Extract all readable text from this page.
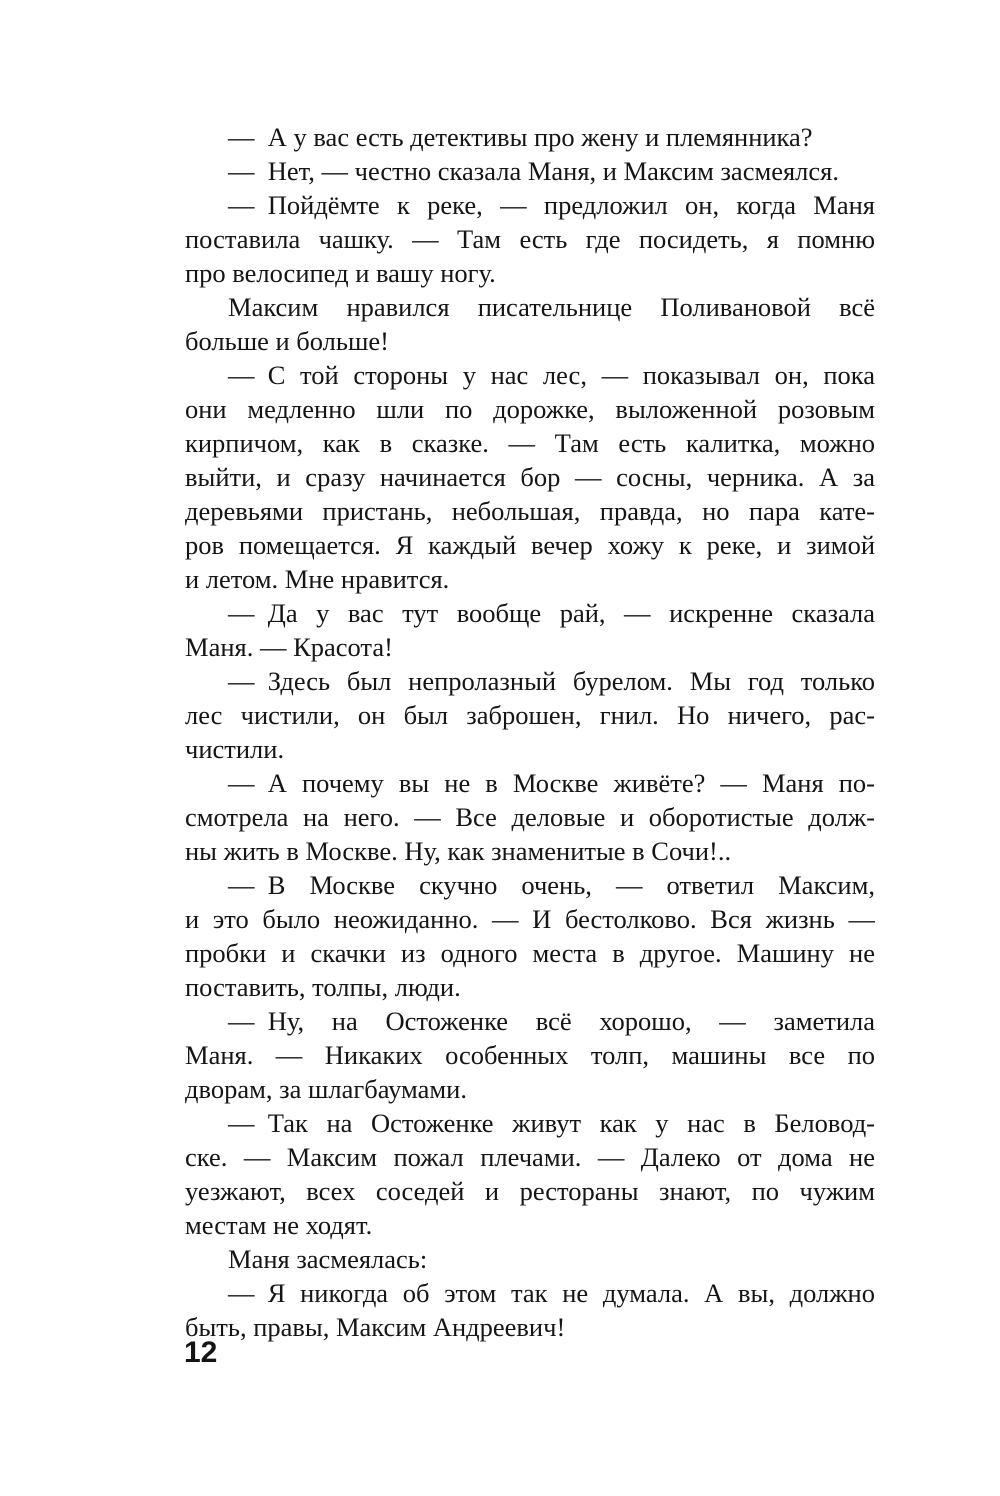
— А у вас есть детективы про жену и племянника?
— Нет, — честно сказала Маня, и Максим засмеялся.
— Пойдёмте к реке, — предложил он, когда Маня
поставила чашку. — Там есть где посидеть, я помню
про велосипед и вашу ногу.
Максим нравился писательнице Поливановой всё
больше и больше!
— С той стороны у нас лес, — показывал он, пока
они медленно шли по дорожке, выложенной розовым
кирпичом, как в сказке. — Там есть калитка, можно
выйти, и сразу начинается бор — сосны, черника. А за
деревьями пристань, небольшая, правда, но пара кате-
ров помещается. Я каждый вечер хожу к реке, и зимой
и летом. Мне нравится.
— Да у вас тут вообще рай, — искренне сказала
Маня. — Красота!
— Здесь был непролазный бурелом. Мы год только
лес чистили, он был заброшен, гнил. Но ничего, рас-
чистили.
— А почему вы не в Москве живёте? — Маня по-
смотрела на него. — Все деловые и оборотистые долж-
ны жить в Москве. Ну, как знаменитые в Сочи!..
— В Москве скучно очень, — ответил Максим,
и это было неожиданно. — И бестолково. Вся жизнь —
пробки и скачки из одного места в другое. Машину не
поставить, толпы, люди.
— Ну, на Остоженке всё хорошо, — заметила
Маня. — Никаких особенных толп, машины все по
дворам, за шлагбаумами.
— Так на Остоженке живут как у нас в Беловод-
ске. — Максим пожал плечами. — Далеко от дома не
уезжают, всех соседей и рестораны знают, по чужим
местам не ходят.
Маня засмеялась:
— Я никогда об этом так не думала. А вы, должно
быть, правы, Максим Андреевич!
12
